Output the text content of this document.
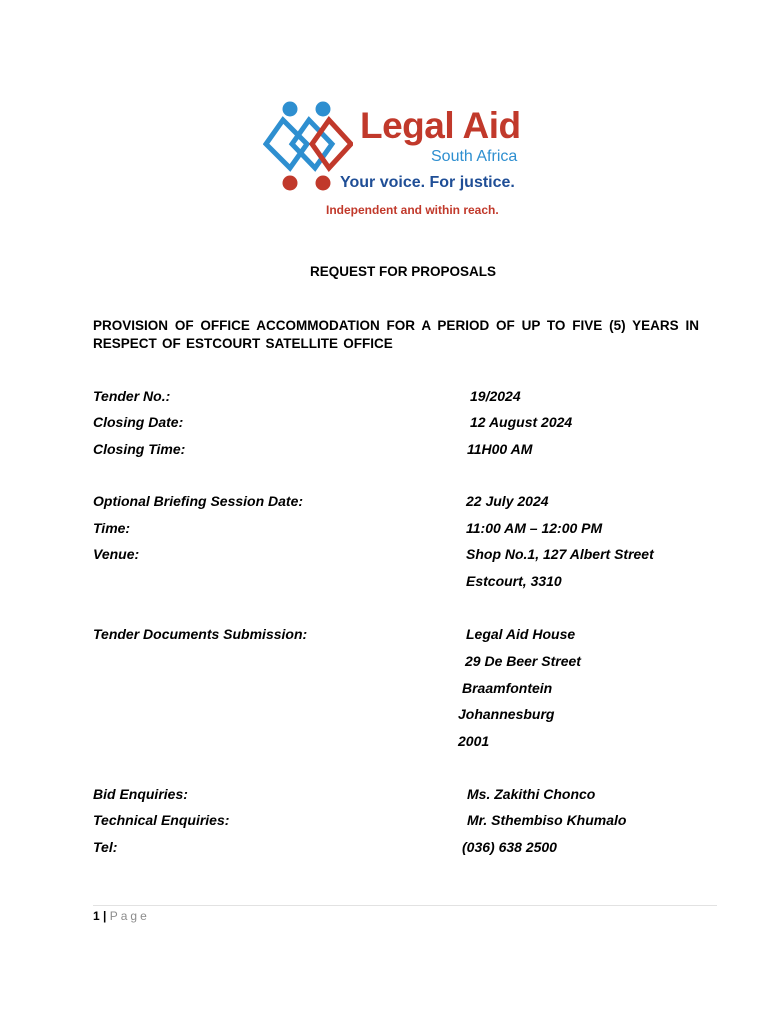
Legal Aid
South Africa
Your voice. For justice.
Independent and within reach.
REQUEST FOR PROPOSALS
PROVISION OF OFFICE ACCOMMODATION FOR A PERIOD OF UP TO FIVE (5) YEARS IN RESPECT OF ESTCOURT SATELLITE OFFICE
Tender No.:	19/2024
Closing Date:	12 August 2024
Closing Time:	11H00 AM
Optional Briefing Session Date:	22 July 2024
Time:	11:00 AM – 12:00 PM
Venue:	Shop No.1, 127 Albert Street
Estcourt, 3310
Tender Documents Submission:	Legal Aid House
29 De Beer Street
Braamfontein
Johannesburg
2001
Bid Enquiries:	Ms. Zakithi Chonco
Technical Enquiries:	Mr. Sthembiso Khumalo
Tel:	(036) 638 2500
1 | Page
